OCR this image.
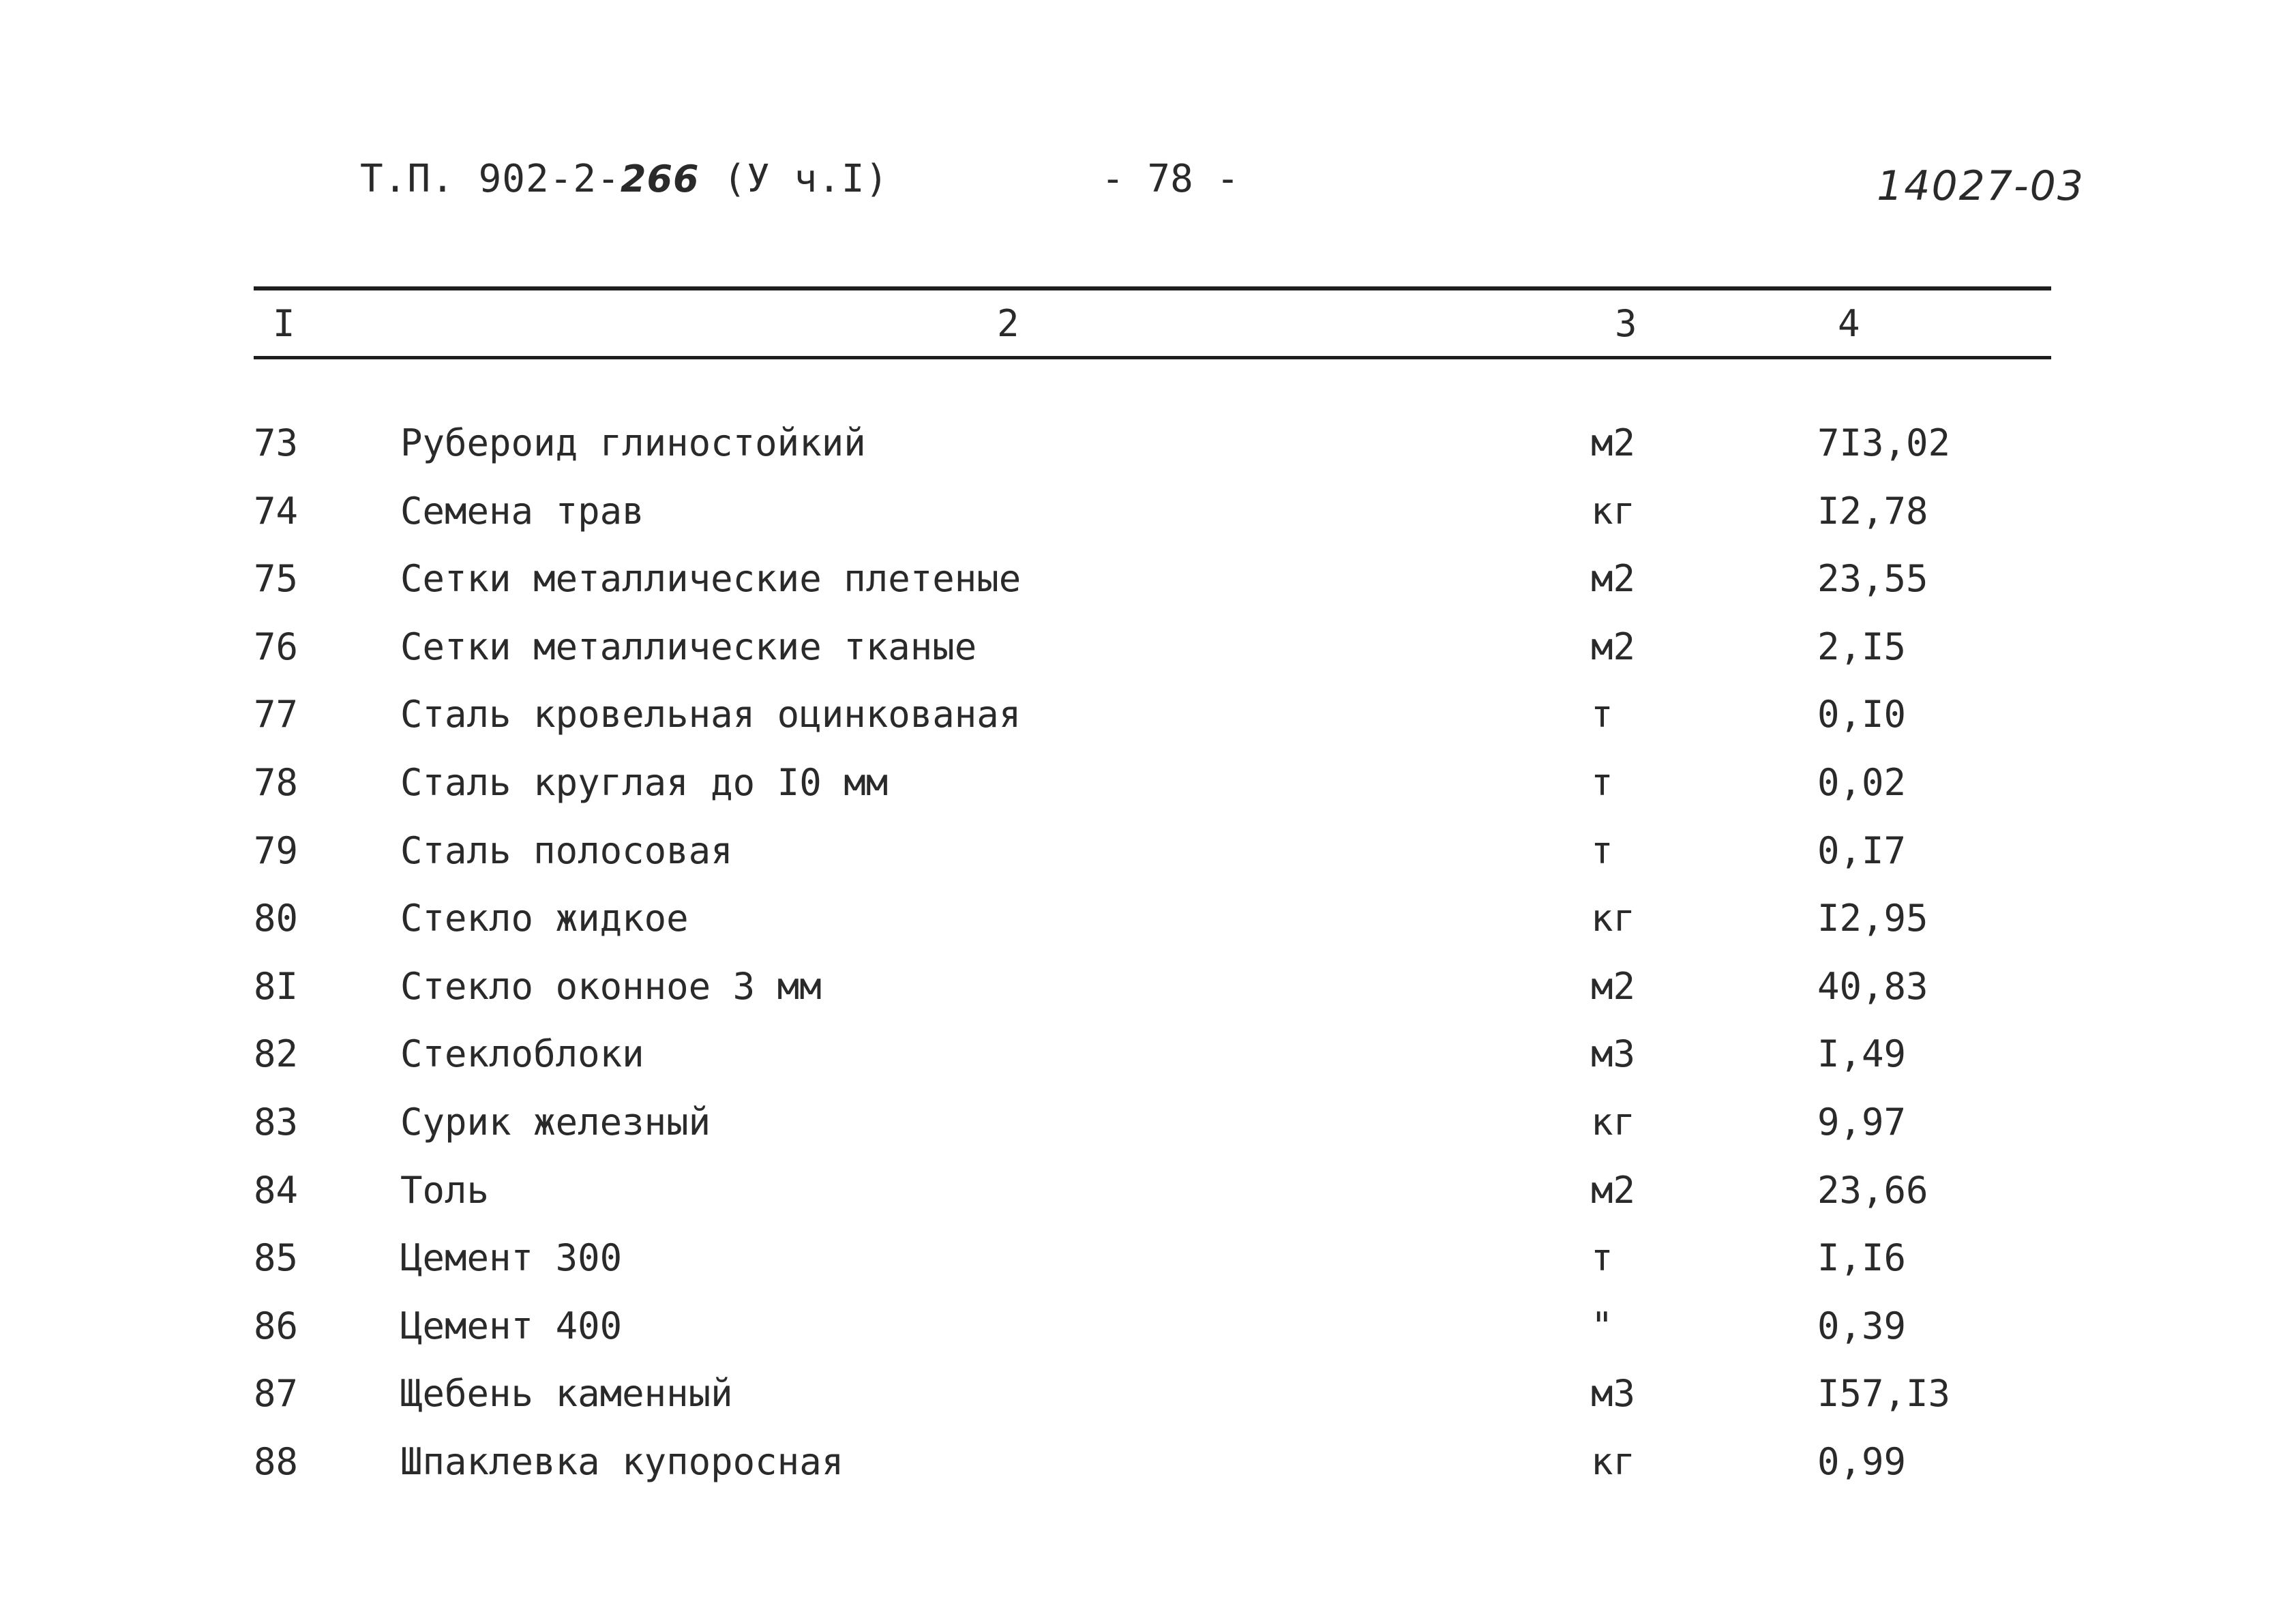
Т.П. 902-2-266 (У ч.I)	- 78 -	14027-03
I	2	3	4
73	Рубероид глиностойкий	м2	7I3,02
74	Семена трав	кг	I2,78
75	Сетки металлические плетеные	м2	23,55
76	Сетки металлические тканые	м2	2,I5
77	Сталь кровельная оцинкованая	т	0,I0
78	Сталь круглая до I0 мм	т	0,02
79	Сталь полосовая	т	0,I7
80	Стекло жидкое	кг	I2,95
8I	Стекло оконное 3 мм	м2	40,83
82	Стеклоблоки	м3	I,49
83	Сурик железный	кг	9,97
84	Толь	м2	23,66
85	Цемент 300	т	I,I6
86	Цемент 400	"	0,39
87	Щебень каменный	м3	I57,I3
88	Шпаклевка купоросная	кг	0,99
